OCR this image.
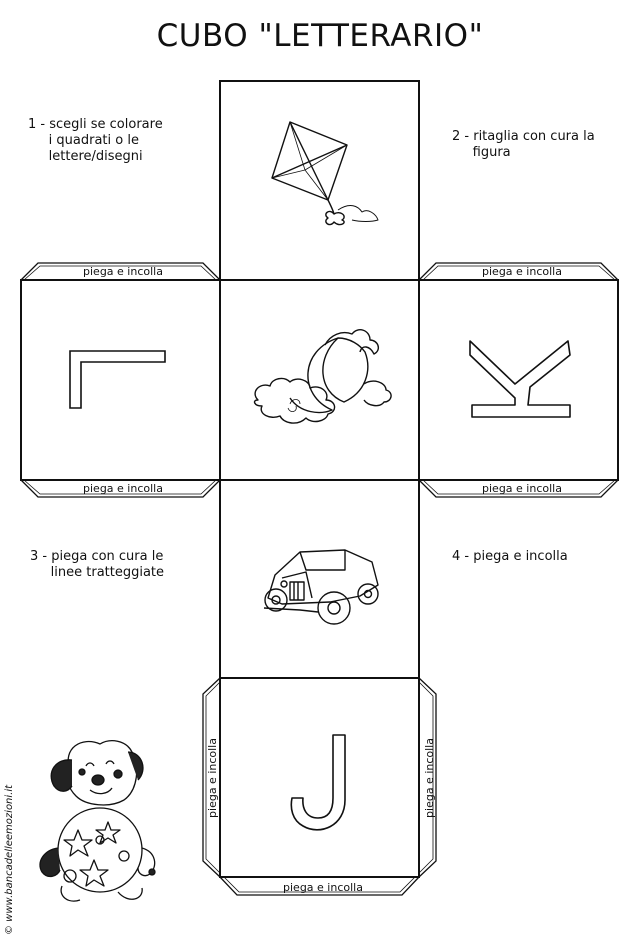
CUBO "LETTERARIO"
1 - scegli se colorare
i quadrati o le
lettere/disegni
2 - ritaglia con cura la
figura
3 - piega con cura le
linee tratteggiate
4 - piega e incolla
piega e incolla
piega e incolla
piega e incolla
piega e incolla
piega e incolla
piega e incolla	piega e incolla
© www.bancadelleemozioni.it
